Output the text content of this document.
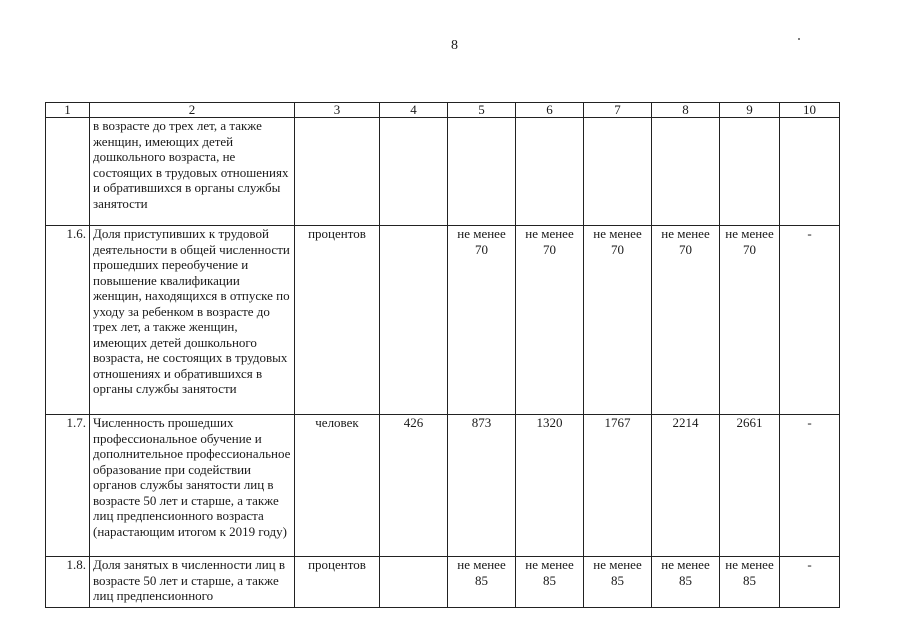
8
1	2	3	4	5	6	7	8	9	10
	в возрасте до трех лет, а также женщин, имеющих детей дошкольного возраста, не состоящих в трудовых отношениях и обратившихся в органы службы занятости								
1.6.	Доля приступивших к трудовой деятельности в общей численности прошедших переобучение и повышение квалификации женщин, находящихся в отпуске по уходу за ребенком в возрасте до трех лет, а также женщин, имеющих детей дошкольного возраста, не состоящих в трудовых отношениях и обратившихся в органы службы занятости	процентов		не менее 70	не менее 70	не менее 70	не менее 70	не менее 70	-
1.7.	Численность прошедших профессиональное обучение и дополнительное профессиональное образование при содействии органов службы занятости лиц в возрасте 50 лет и старше, а также лиц предпенсионного возраста (нарастающим итогом к 2019 году)	человек	426	873	1320	1767	2214	2661	-
1.8.	Доля занятых в численности лиц в возрасте 50 лет и старше, а также лиц предпенсионного	процентов		не менее 85	не менее 85	не менее 85	не менее 85	не менее 85	-
